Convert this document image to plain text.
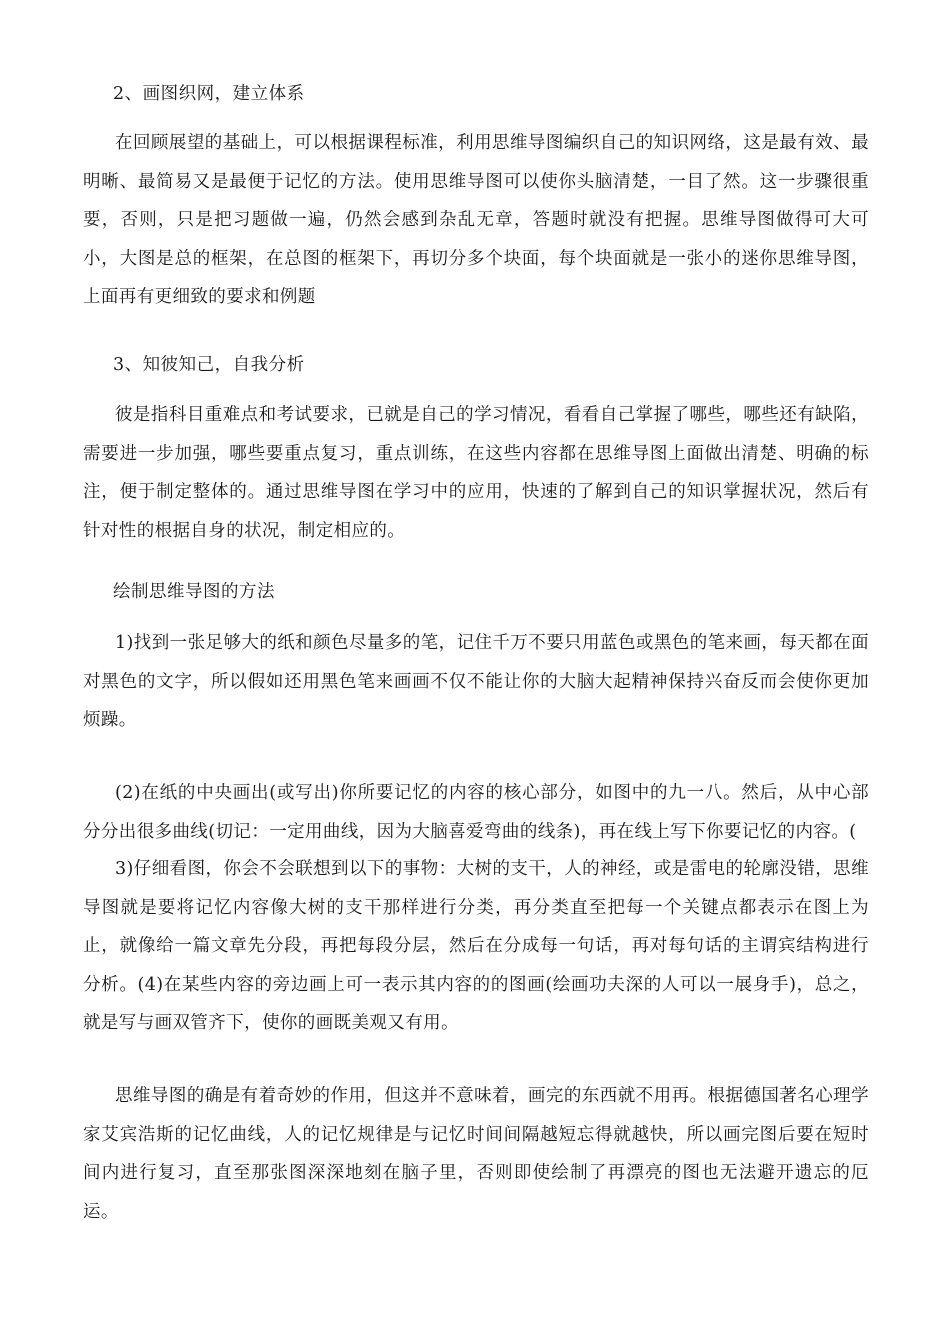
2、画图织网，建立体系

在回顾展望的基础上，可以根据课程标准，利用思维导图编织自己的知识网络，这是最有效、最明晰、最简易又是最便于记忆的方法。使用思维导图可以使你头脑清楚，一目了然。这一步骤很重要，否则，只是把习题做一遍，仍然会感到杂乱无章，答题时就没有把握。思维导图做得可大可小，大图是总的框架，在总图的框架下，再切分多个块面，每个块面就是一张小的迷你思维导图，上面再有更细致的要求和例题

3、知彼知己，自我分析

彼是指科目重难点和考试要求，已就是自己的学习情况，看看自己掌握了哪些，哪些还有缺陷，需要进一步加强，哪些要重点复习，重点训练，在这些内容都在思维导图上面做出清楚、明确的标注，便于制定整体的。通过思维导图在学习中的应用，快速的了解到自己的知识掌握状况，然后有针对性的根据自身的状况，制定相应的。

绘制思维导图的方法

1)找到一张足够大的纸和颜色尽量多的笔，记住千万不要只用蓝色或黑色的笔来画，每天都在面对黑色的文字，所以假如还用黑色笔来画画不仅不能让你的大脑大起精神保持兴奋反而会使你更加烦躁。

(2)在纸的中央画出(或写出)你所要记忆的内容的核心部分，如图中的九一八。然后，从中心部分分出很多曲线(切记：一定用曲线，因为大脑喜爱弯曲的线条)，再在线上写下你要记忆的内容。(

3)仔细看图，你会不会联想到以下的事物：大树的支干，人的神经，或是雷电的轮廓没错，思维导图就是要将记忆内容像大树的支干那样进行分类，再分类直至把每一个关键点都表示在图上为止，就像给一篇文章先分段，再把每段分层，然后在分成每一句话，再对每句话的主谓宾结构进行分析。(4)在某些内容的旁边画上可一表示其内容的的图画(绘画功夫深的人可以一展身手)，总之，就是写与画双管齐下，使你的画既美观又有用。

思维导图的确是有着奇妙的作用，但这并不意味着，画完的东西就不用再。根据德国著名心理学家艾宾浩斯的记忆曲线，人的记忆规律是与记忆时间间隔越短忘得就越快，所以画完图后要在短时间内进行复习，直至那张图深深地刻在脑子里，否则即使绘制了再漂亮的图也无法避开遗忘的厄运。
